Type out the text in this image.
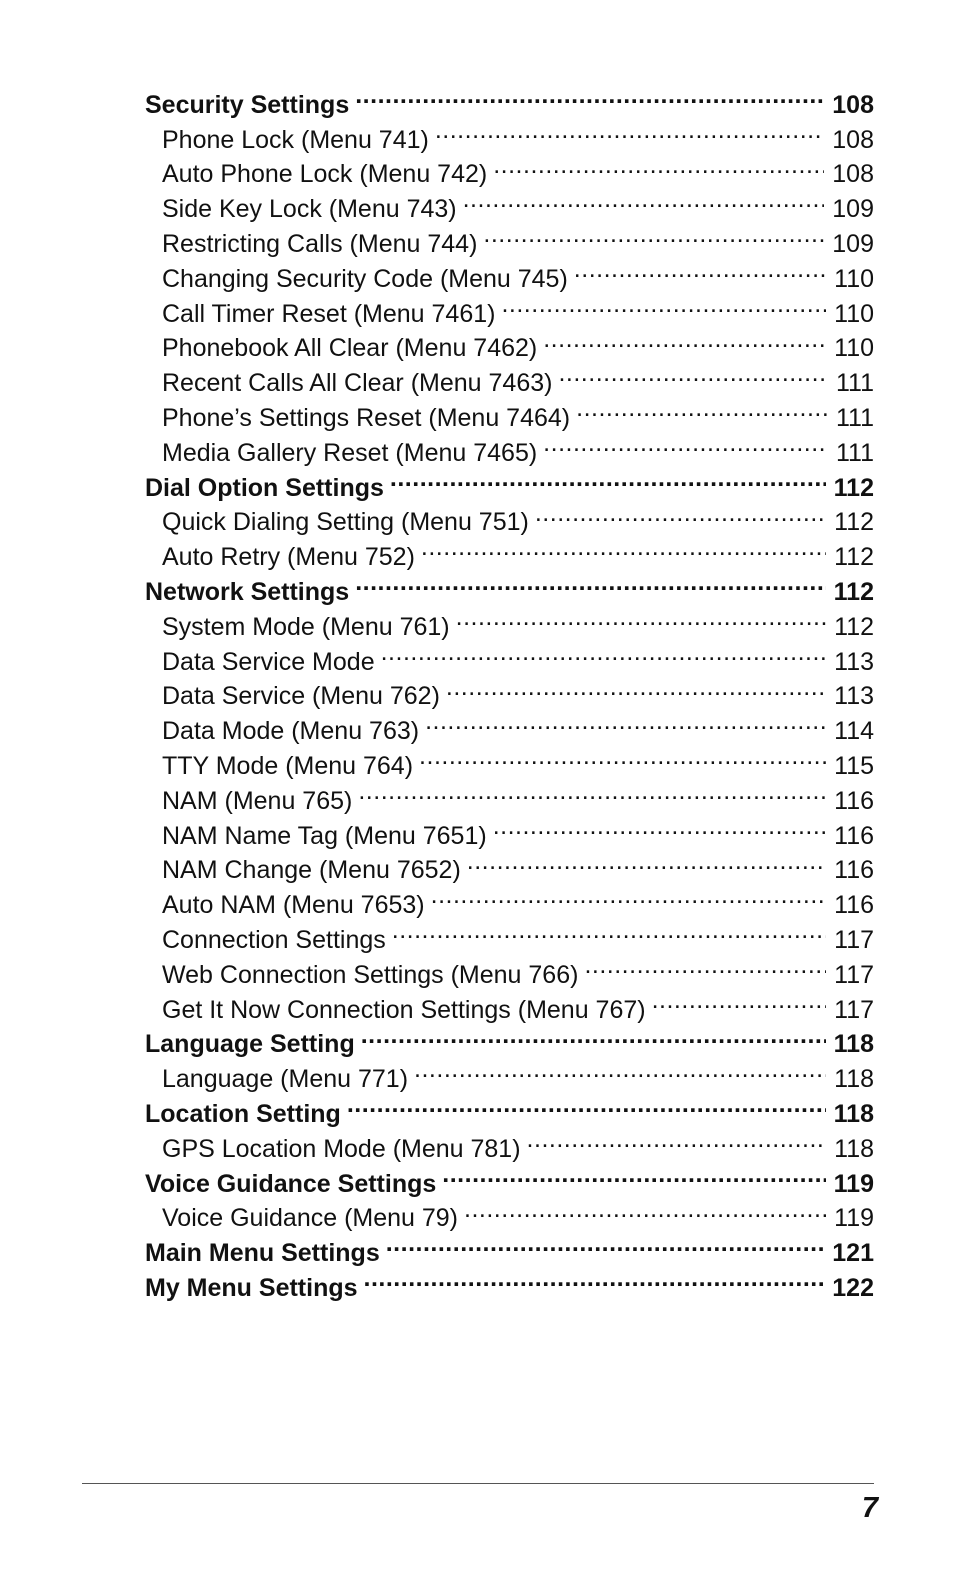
Security Settings .....	108
Phone Lock (Menu 741) .....	108
Auto Phone Lock (Menu 742) .....	108
Side Key Lock (Menu 743) .....	109
Restricting Calls (Menu 744) .....	109
Changing Security Code (Menu 745) .....	110
Call Timer Reset (Menu 7461) .....	110
Phonebook All Clear (Menu 7462) .....	110
Recent Calls All Clear (Menu 7463) .....	111
Phone’s Settings Reset (Menu 7464) .....	111
Media Gallery Reset (Menu 7465) .....	111
Dial Option Settings .....	112
Quick Dialing Setting (Menu 751) .....	112
Auto Retry (Menu 752) .....	112
Network Settings .....	112
System Mode (Menu 761) .....	112
Data Service Mode .....	113
Data Service (Menu 762) .....	113
Data Mode (Menu 763) .....	114
TTY Mode (Menu 764) .....	115
NAM (Menu 765) .....	116
NAM Name Tag (Menu 7651) .....	116
NAM Change (Menu 7652) .....	116
Auto NAM (Menu 7653) .....	116
Connection Settings .....	117
Web Connection Settings (Menu 766) .....	117
Get It Now Connection Settings (Menu 767) .....	117
Language Setting .....	118
Language (Menu 771) .....	118
Location Setting .....	118
GPS Location Mode (Menu 781) .....	118
Voice Guidance Settings .....	119
Voice Guidance (Menu 79) .....	119
Main Menu Settings .....	121
My Menu Settings .....	122
7
